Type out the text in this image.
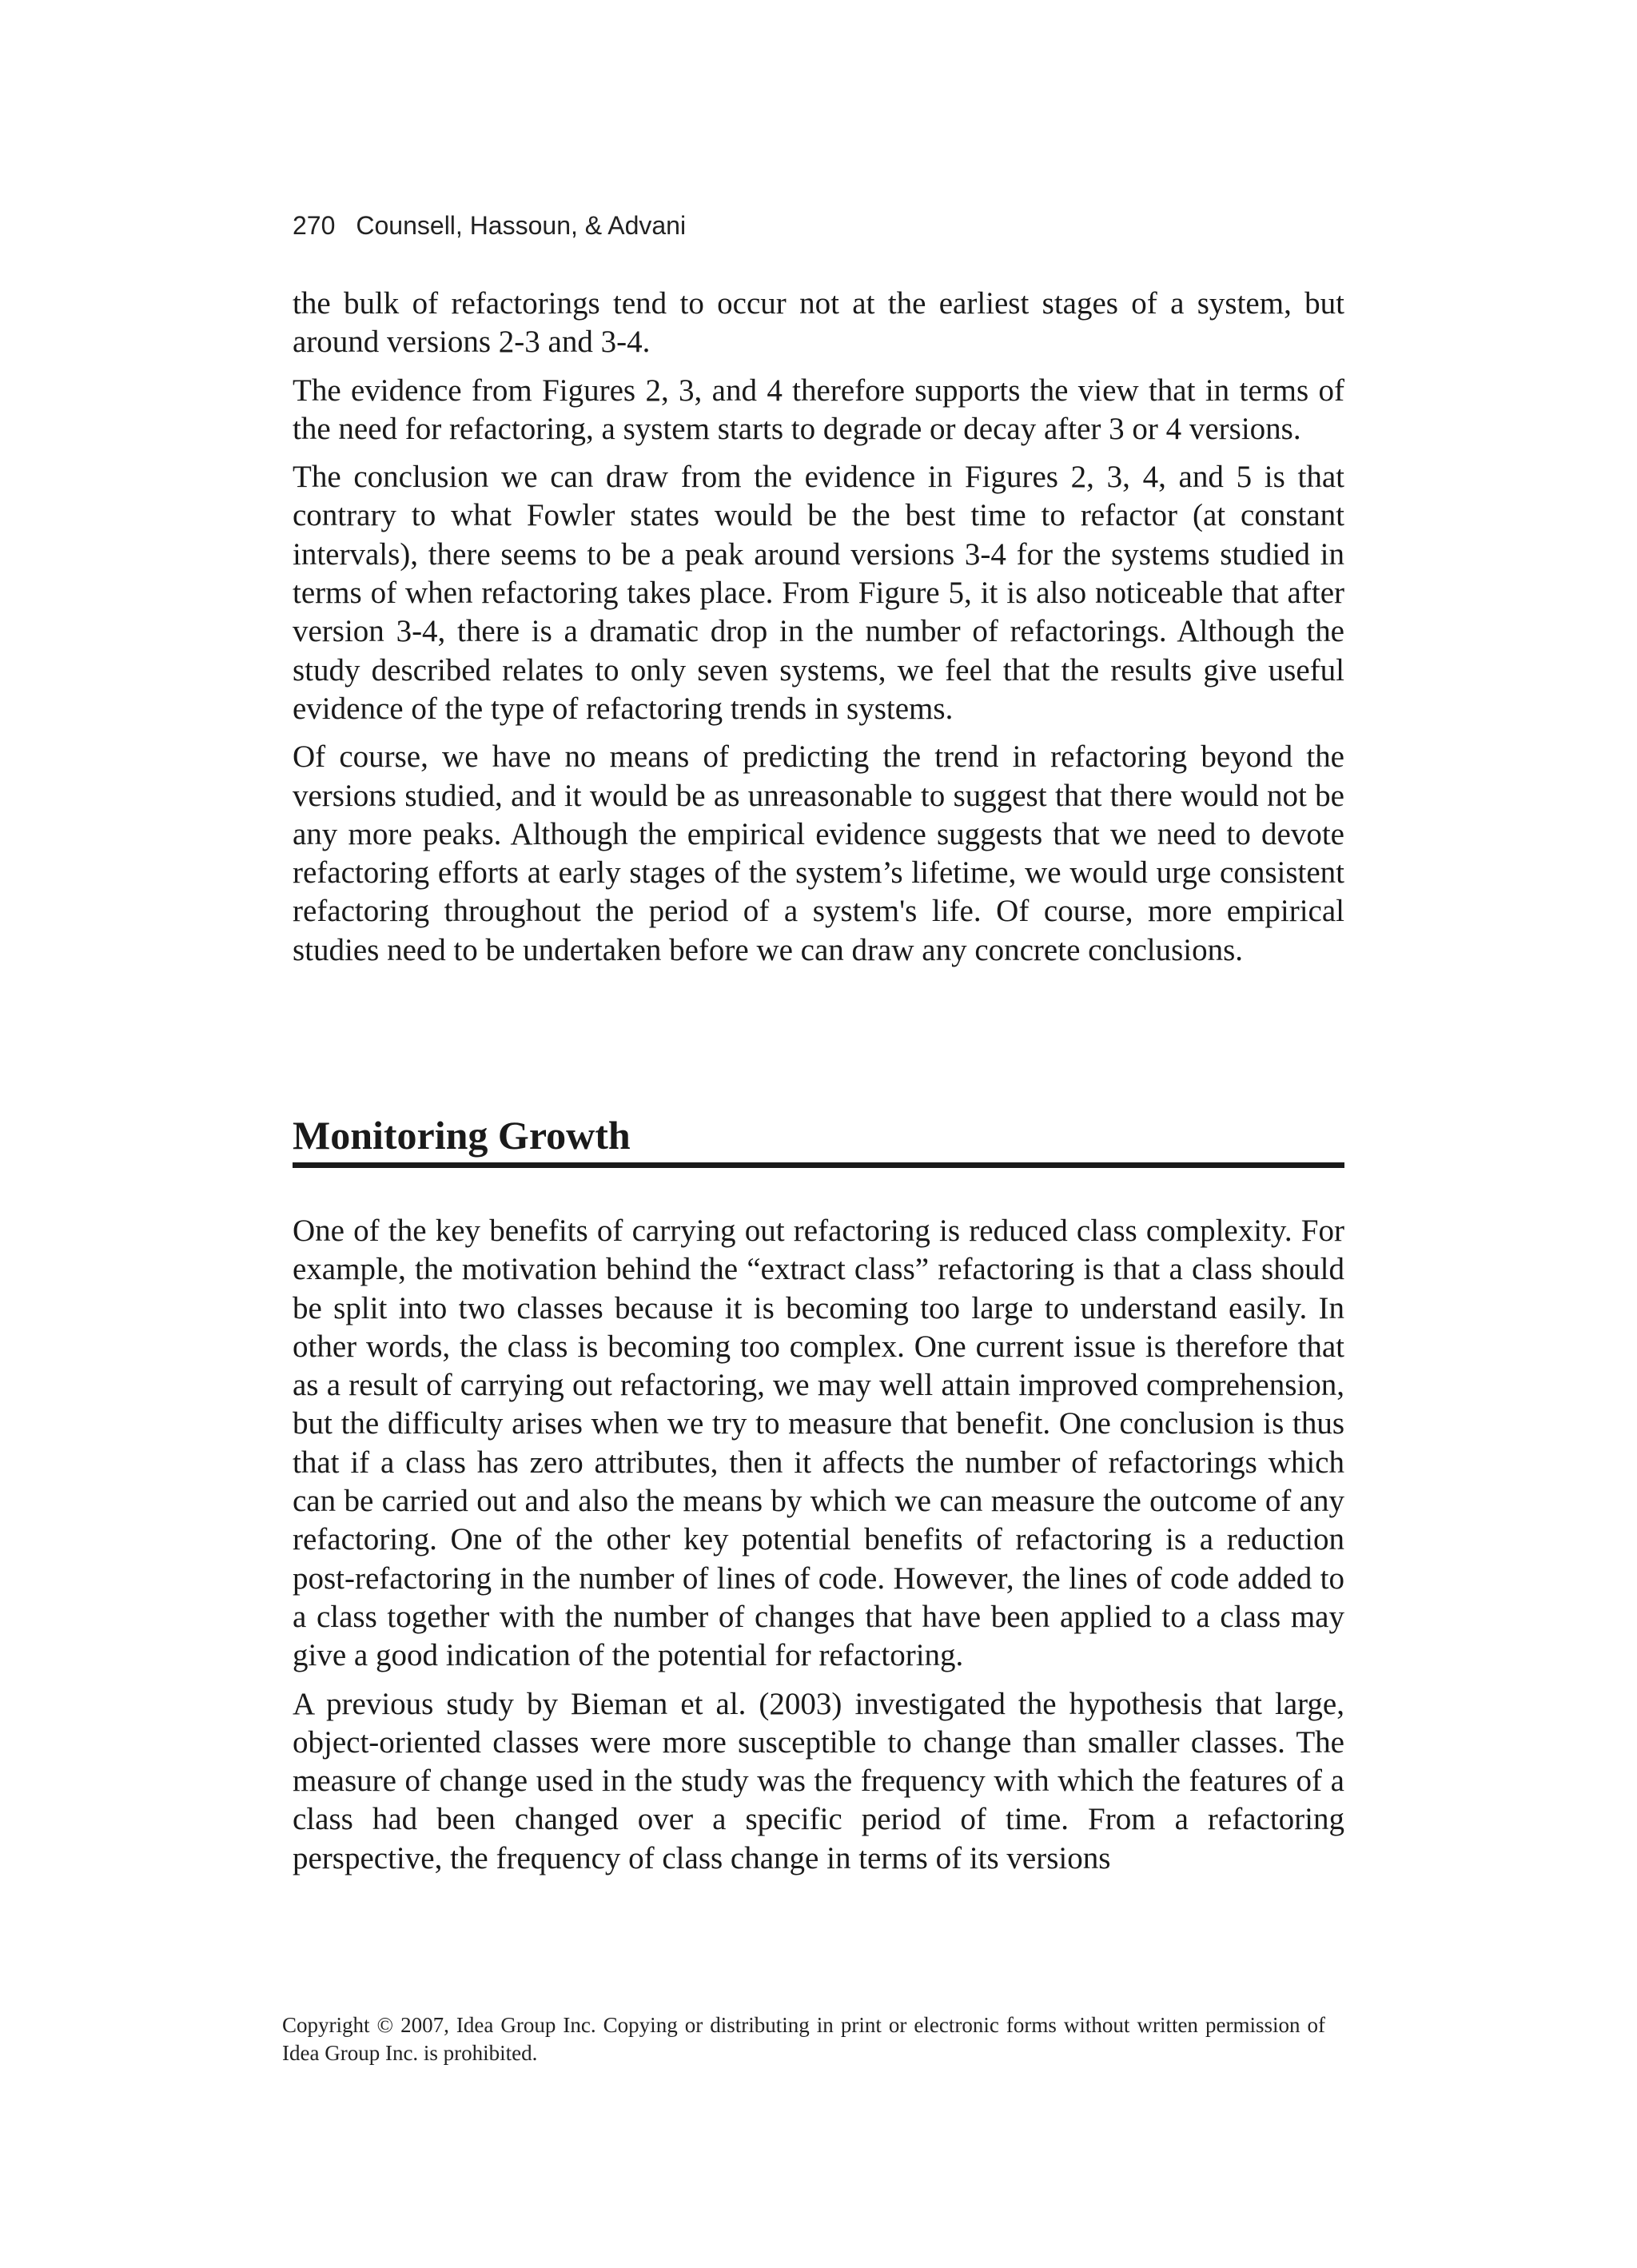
270 Counsell, Hassoun, & Advani

the bulk of refactorings tend to occur not at the earliest stages of a system, but around versions 2-3 and 3-4.

The evidence from Figures 2, 3, and 4 therefore supports the view that in terms of the need for refactoring, a system starts to degrade or decay after 3 or 4 versions.

The conclusion we can draw from the evidence in Figures 2, 3, 4, and 5 is that contrary to what Fowler states would be the best time to refactor (at constant intervals), there seems to be a peak around versions 3-4 for the systems studied in terms of when refactoring takes place. From Figure 5, it is also noticeable that after version 3-4, there is a dramatic drop in the number of refactorings. Although the study described relates to only seven systems, we feel that the results give useful evidence of the type of refactoring trends in systems.

Of course, we have no means of predicting the trend in refactoring beyond the versions studied, and it would be as unreasonable to suggest that there would not be any more peaks. Although the empirical evidence suggests that we need to devote refactoring efforts at early stages of the system’s lifetime, we would urge consistent refactoring throughout the period of a system's life. Of course, more empirical studies need to be undertaken before we can draw any concrete conclusions.

Monitoring Growth

One of the key benefits of carrying out refactoring is reduced class complexity. For example, the motivation behind the “extract class” refactoring is that a class should be split into two classes because it is becoming too large to understand easily. In other words, the class is becoming too complex. One current issue is therefore that as a result of carrying out refactoring, we may well attain improved comprehension, but the difficulty arises when we try to measure that benefit. One conclusion is thus that if a class has zero attributes, then it affects the number of refactorings which can be carried out and also the means by which we can measure the outcome of any refactoring. One of the other key potential benefits of refactoring is a reduction post-refactoring in the number of lines of code. However, the lines of code added to a class together with the number of changes that have been applied to a class may give a good indication of the potential for refactoring.

A previous study by Bieman et al. (2003) investigated the hypothesis that large, object-oriented classes were more susceptible to change than smaller classes. The measure of change used in the study was the frequency with which the features of a class had been changed over a specific period of time. From a refactoring perspective, the frequency of class change in terms of its versions

Copyright © 2007, Idea Group Inc. Copying or distributing in print or electronic forms without written permission of Idea Group Inc. is prohibited.
